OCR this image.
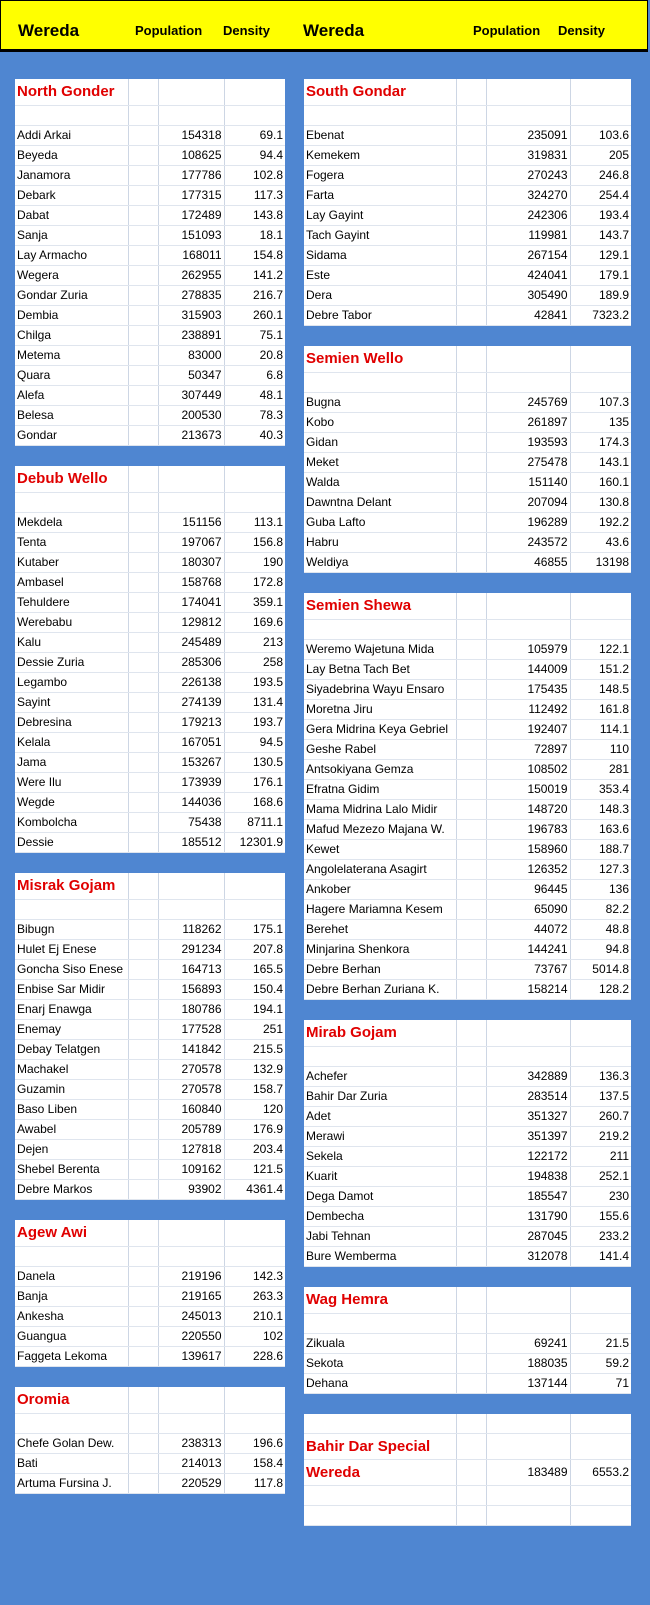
Wereda	Population Density Wereda	Population Density
North Gonder			

Addi Arkai		154318	69.1
Beyeda		108625	94.4
Janamora		177786	102.8
Debark		177315	117.3
Dabat		172489	143.8
Sanja		151093	18.1
Lay Armacho		168011	154.8
Wegera		262955	141.2
Gondar Zuria		278835	216.7
Dembia		315903	260.1
Chilga		238891	75.1
Metema		83000	20.8
Quara		50347	6.8
Alefa		307449	48.1
Belesa		200530	78.3
Gondar		213673	40.3
Debub Wello			

Mekdela		151156	113.1
Tenta		197067	156.8
Kutaber		180307	190
Ambasel		158768	172.8
Tehuldere		174041	359.1
Werebabu		129812	169.6
Kalu		245489	213
Dessie Zuria		285306	258
Legambo		226138	193.5
Sayint		274139	131.4
Debresina		179213	193.7
Kelala		167051	94.5
Jama		153267	130.5
Were Ilu		173939	176.1
Wegde		144036	168.6
Kombolcha		75438	8711.1
Dessie		185512	12301.9
Misrak Gojam			

Bibugn		118262	175.1
Hulet Ej Enese		291234	207.8
Goncha Siso Enese		164713	165.5
Enbise Sar Midir		156893	150.4
Enarj Enawga		180786	194.1
Enemay		177528	251
Debay Telatgen		141842	215.5
Machakel		270578	132.9
Guzamin		270578	158.7
Baso Liben		160840	120
Awabel		205789	176.9
Dejen		127818	203.4
Shebel Berenta		109162	121.5
Debre Markos		93902	4361.4
Agew Awi			

Danela		219196	142.3
Banja		219165	263.3
Ankesha		245013	210.1
Guangua		220550	102
Faggeta Lekoma		139617	228.6
Oromia			

Chefe Golan Dew.		238313	196.6
Bati		214013	158.4
Artuma Fursina J.		220529	117.8
South Gondar			

Ebenat		235091	103.6
Kemekem		319831	205
Fogera		270243	246.8
Farta		324270	254.4
Lay Gayint		242306	193.4
Tach Gayint		119981	143.7
Sidama		267154	129.1
Este		424041	179.1
Dera		305490	189.9
Debre Tabor		42841	7323.2
Semien Wello			

Bugna		245769	107.3
Kobo		261897	135
Gidan		193593	174.3
Meket		275478	143.1
Walda		151140	160.1
Dawntna Delant		207094	130.8
Guba Lafto		196289	192.2
Habru		243572	43.6
Weldiya		46855	13198
Semien Shewa			

Weremo Wajetuna Mida		105979	122.1
Lay Betna Tach Bet		144009	151.2
Siyadebrina Wayu Ensaro		175435	148.5
Moretna Jiru		112492	161.8
Gera Midrina Keya Gebriel		192407	114.1
Geshe Rabel		72897	110
Antsokiyana Gemza		108502	281
Efratna Gidim		150019	353.4
Mama Midrina Lalo Midir		148720	148.3
Mafud Mezezo Majana W.		196783	163.6
Kewet		158960	188.7
Angolelaterana Asagirt		126352	127.3
Ankober		96445	136
Hagere Mariamna Kesem		65090	82.2
Berehet		44072	48.8
Minjarina Shenkora		144241	94.8
Debre Berhan		73767	5014.8
Debre Berhan Zuriana K.		158214	128.2
Mirab Gojam			

Achefer		342889	136.3
Bahir Dar Zuria		283514	137.5
Adet		351327	260.7
Merawi		351397	219.2
Sekela		122172	211
Kuarit		194838	252.1
Dega Damot		185547	230
Dembecha		131790	155.6
Jabi Tehnan		287045	233.2
Bure Wemberma		312078	141.4
Wag Hemra			

Zikuala		69241	21.5
Sekota		188035	59.2
Dehana		137144	71

Bahir Dar Special			
Wereda		183489	6553.2
